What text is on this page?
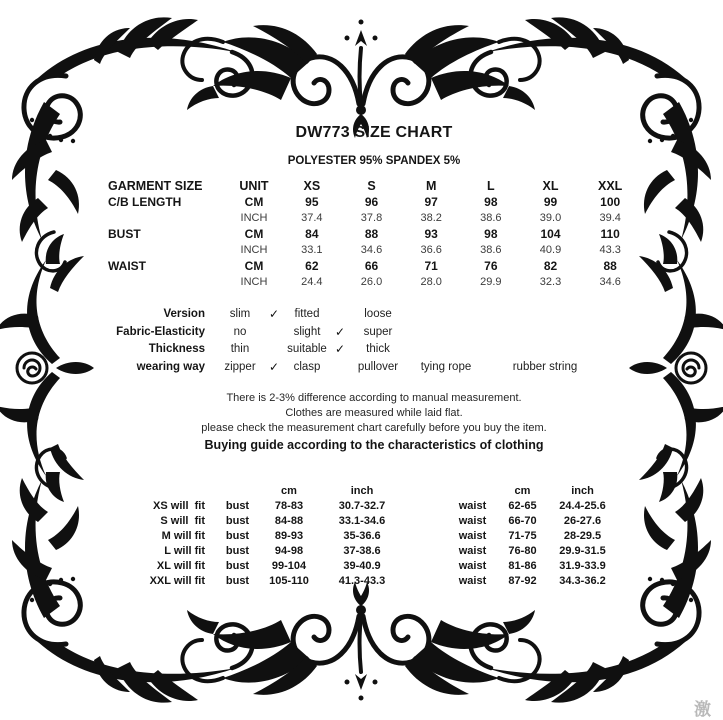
DW773 SIZE CHART
POLYESTER 95% SPANDEX 5%
GARMENT SIZE	UNIT	XS	S	M	L	XL	XXL
C/B LENGTH	CM	95	96	97	98	99	100
INCH	37.4	37.8	38.2	38.6	39.0	39.4
BUST	CM	84	88	93	98	104	110
INCH	33.1	34.6	36.6	38.6	40.9	43.3
WAIST	CM	62	66	71	76	82	88
INCH	24.4	26.0	28.0	29.9	32.3	34.6
Version	slim	✓	fitted	loose
Fabric-Elasticity	no	slight	✓	super
Thickness	thin	suitable ✓	thick
wearing way	zipper	✓	clasp	pullover	tying rope	rubber string
There is 2-3% difference according to manual measurement.
Clothes are measured while laid flat.
please check the measurement chart carefully before you buy the item.
Buying guide according to the characteristics of clothing
cm	inch
XS will  fit	bust	78-83	30.7-32.7
S will  fit	bust	84-88	33.1-34.6
M will fit	bust	89-93	35-36.6
L will fit	bust	94-98	37-38.6
XL will fit	bust	99-104	39-40.9
XXL will fit	bust	105-110	41.3-43.3
cm	inch
waist	62-65	24.4-25.6
waist	66-70	26-27.6
waist	71-75	28-29.5
waist	76-80	29.9-31.5
waist	81-86	31.9-33.9
waist	87-92	34.3-36.2
激
